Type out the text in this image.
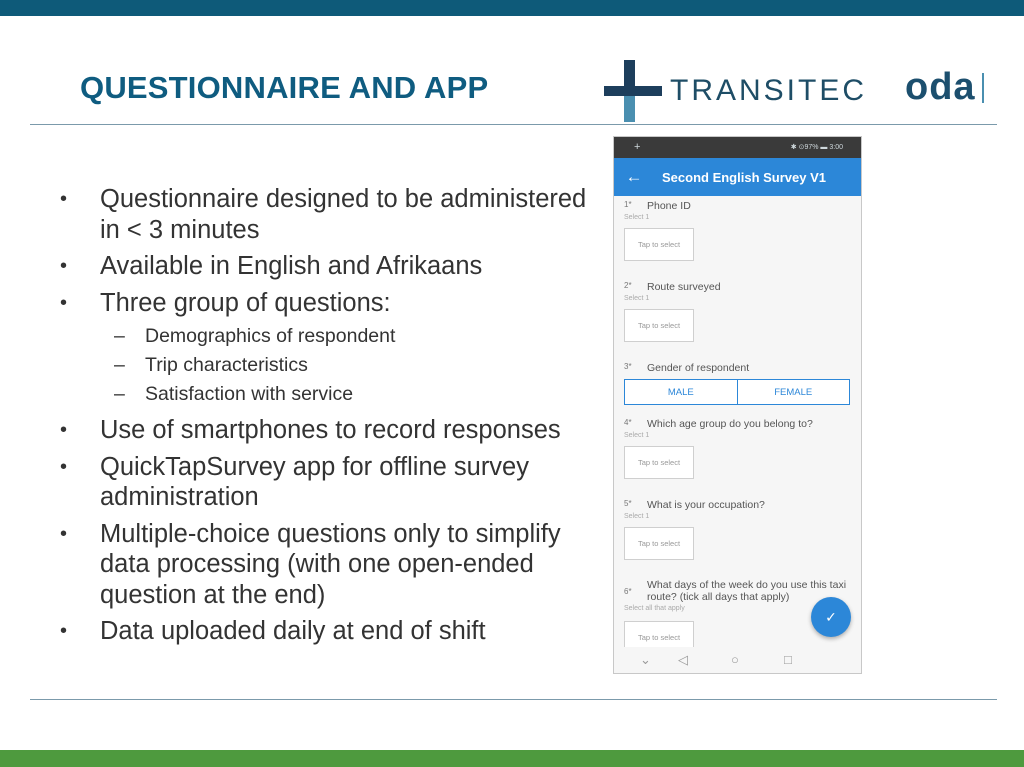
QUESTIONNAIRE AND APP	TRANSITEC oda
• Questionnaire designed to be administered in < 3 minutes
• Available in English and Afrikaans
• Three group of questions:
– Demographics of respondent
– Trip characteristics
– Satisfaction with service
• Use of smartphones to record responses
• QuickTapSurvey app for offline survey administration
• Multiple-choice questions only to simplify data processing (with one open-ended question at the end)
• Data uploaded daily at end of shift
+	✱ ⊙97% ▬ 3:00
←	Second English Survey V1
1* Phone ID
Select 1
Tap to select
2* Route surveyed
Select 1
Tap to select
3* Gender of respondent
MALE	FEMALE
4* Which age group do you belong to?
Select 1
Tap to select
5* What is your occupation?
Select 1
Tap to select
6*
What days of the week do you use this taxi route? (tick all days that apply)
Select all that apply
Tap to select
✓
⌄ ◁	○	□
